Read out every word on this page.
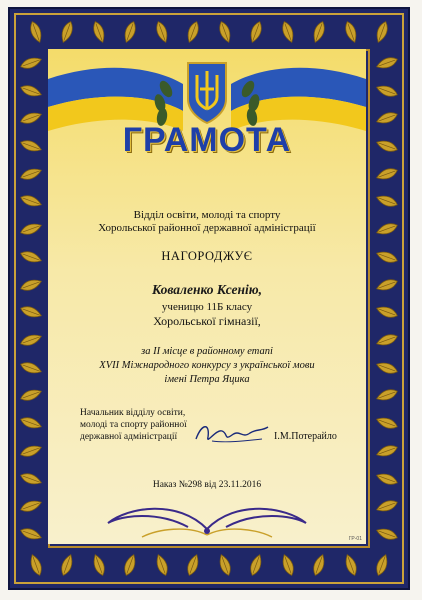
ГРАМОТА
Відділ освіти, молоді та спорту
Хорольської районної державної адміністрації
НАГОРОДЖУЄ
Коваленко Ксенію,
ученицю 11Б класу
Хорольської гімназії,
за ІІ місце в районному етапі
XVII Міжнародного конкурсу з української мови
імені Петра Яцика
Начальник відділу освіти,
молоді та спорту районної
державної адміністрації	І.М.Потерайло
Наказ №298 від 23.11.2016
ГР-01
